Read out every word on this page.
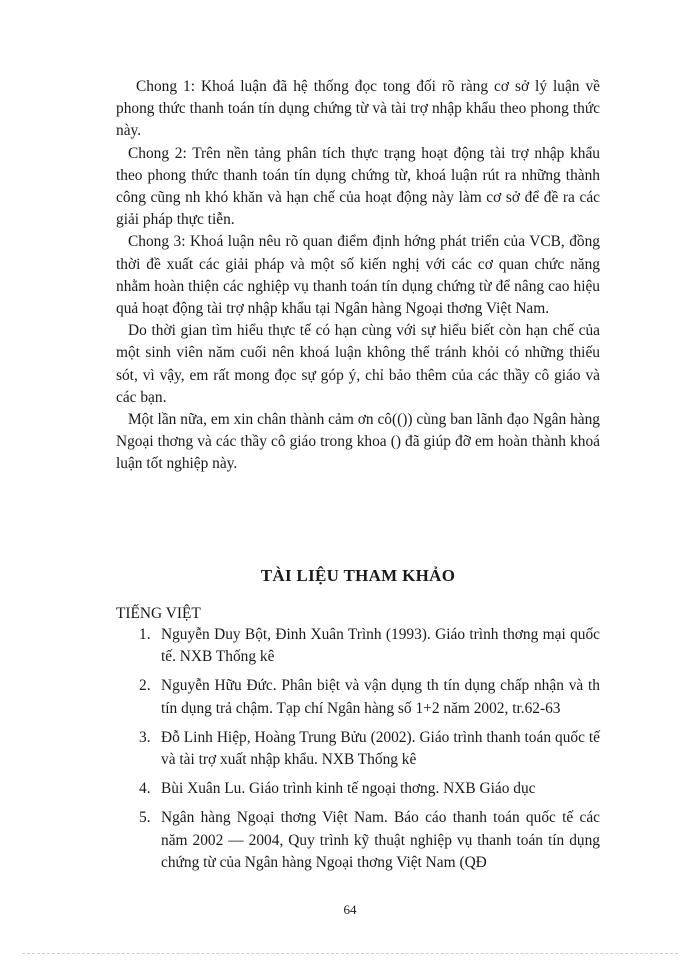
Chong 1: Khoá luận đã hệ thống đọc tong đối rõ ràng cơ sở lý luận về phong thức thanh toán tín dụng chứng từ và tài trợ nhập khẩu theo phong thức này.

Chong 2: Trên nền tảng phân tích thực trạng hoạt động tài trợ nhập khẩu theo phong thức thanh toán tín dụng chứng từ, khoá luận rút ra những thành công cũng nh khó khăn và hạn chế của hoạt động này làm cơ sở để đề ra các giải pháp thực tiễn.

Chong 3: Khoá luận nêu rõ quan điểm định hớng phát triển của VCB, đồng thời đề xuất các giải pháp và một số kiến nghị với các cơ quan chức năng nhằm hoàn thiện các nghiệp vụ thanh toán tín dụng chứng từ để nâng cao hiệu quả hoạt động tài trợ nhập khẩu tại Ngân hàng Ngoại thơng Việt Nam.

Do thời gian tìm hiểu thực tế có hạn cùng với sự hiểu biết còn hạn chế của một sinh viên năm cuối nên khoá luận không thể tránh khỏi có những thiếu sót, vì vậy, em rất mong đọc sự góp ý, chỉ bảo thêm của các thầy cô giáo và các bạn.

Một lần nữa, em xin chân thành cảm ơn cô(()) cùng ban lãnh đạo Ngân hàng Ngoại thơng và các thầy cô giáo trong khoa () đã giúp đỡ em hoàn thành khoá luận tốt nghiệp này.

TÀI LIỆU THAM KHẢO

TIẾNG VIỆT

1. Nguyễn Duy Bột, Đinh Xuân Trình (1993). Giáo trình thơng mại quốc tế. NXB Thống kê
2. Nguyễn Hữu Đức. Phân biệt và vận dụng th tín dụng chấp nhận và th tín dụng trả chậm. Tạp chí Ngân hàng số 1+2 năm 2002, tr.62-63
3. Đỗ Linh Hiệp, Hoàng Trung Bửu (2002). Giáo trình thanh toán quốc tế và tài trợ xuất nhập khẩu. NXB Thống kê
4. Bùi Xuân Lu. Giáo trình kinh tế ngoại thơng. NXB Giáo dục
5. Ngân hàng Ngoại thơng Việt Nam. Báo cáo thanh toán quốc tế các năm 2002 — 2004, Quy trình kỹ thuật nghiệp vụ thanh toán tín dụng chứng từ của Ngân hàng Ngoại thơng Việt Nam (QĐ

64
